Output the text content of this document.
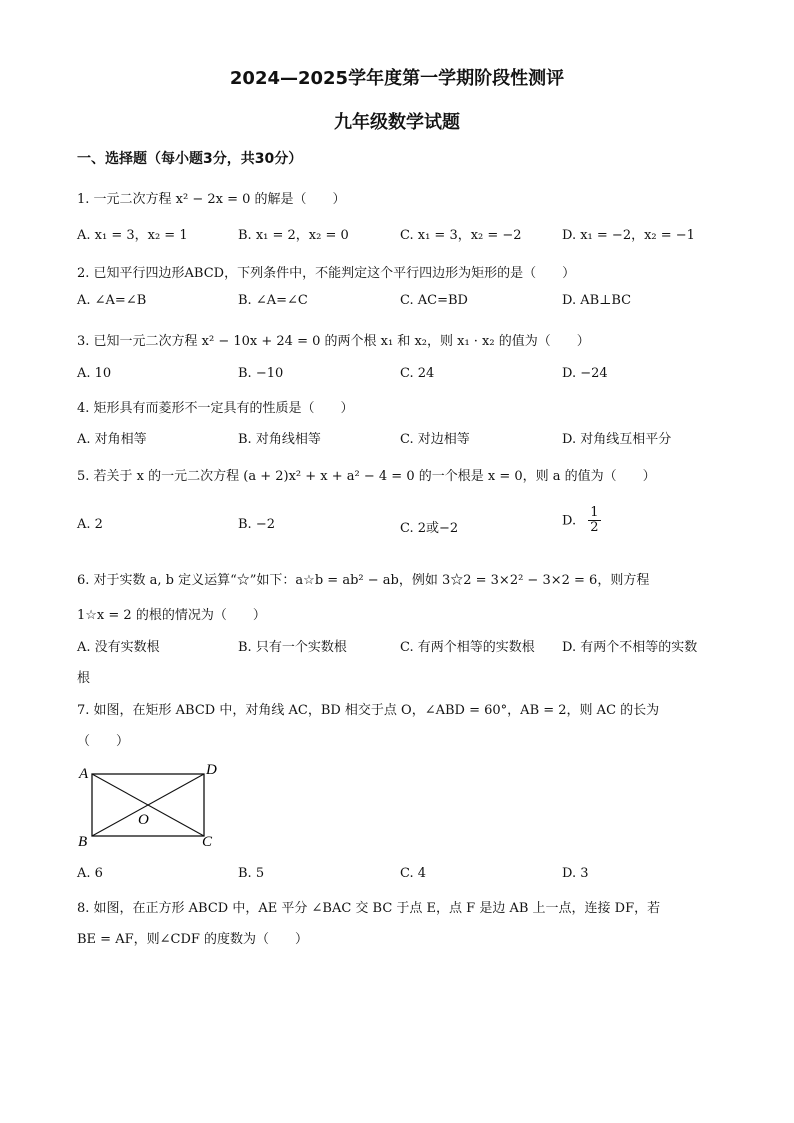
2024—2025学年度第一学期阶段性测评
九年级数学试题
一、选择题（每小题3分，共30分）
1. 一元二次方程 x² − 2x = 0 的解是（　　）
A. x₁ = 3，x₂ = 1	B. x₁ = 2，x₂ = 0	C. x₁ = 3，x₂ = −2	D. x₁ = −2，x₂ = −1
2. 已知平行四边形ABCD，下列条件中，不能判定这个平行四边形为矩形的是（　　）
A. ∠A=∠B	B. ∠A=∠C	C. AC=BD	D. AB⊥BC
3. 已知一元二次方程 x² − 10x + 24 = 0 的两个根 x₁ 和 x₂，则 x₁ · x₂ 的值为（　　）
A. 10	B. −10	C. 24	D. −24
4. 矩形具有而菱形不一定具有的性质是（　　）
A. 对角相等	B. 对角线相等	C. 对边相等	D. 对角线互相平分
5. 若关于 x 的一元二次方程 (a + 2)x² + x + a² − 4 = 0 的一个根是 x = 0，则 a 的值为（　　）
A. 2	B. −2	C. 2或−2
D. $\frac{1}{2}$
6. 对于实数 a, b 定义运算“☆”如下：a☆b = ab² − ab，例如 3☆2 = 3×2² − 3×2 = 6，则方程
1☆x = 2 的根的情况为（　　）
A. 没有实数根	B. 只有一个实数根	C. 有两个相等的实数根 D. 有两个不相等的实数
根
7. 如图，在矩形 ABCD 中，对角线 AC，BD 相交于点 O，∠ABD = 60°，AB = 2，则 AC 的长为
（　　）
A
B	C
D
O
A. 6	B. 5	C. 4	D. 3
8. 如图，在正方形 ABCD 中，AE 平分 ∠BAC 交 BC 于点 E，点 F 是边 AB 上一点，连接 DF，若
BE = AF，则∠CDF 的度数为（　　）
